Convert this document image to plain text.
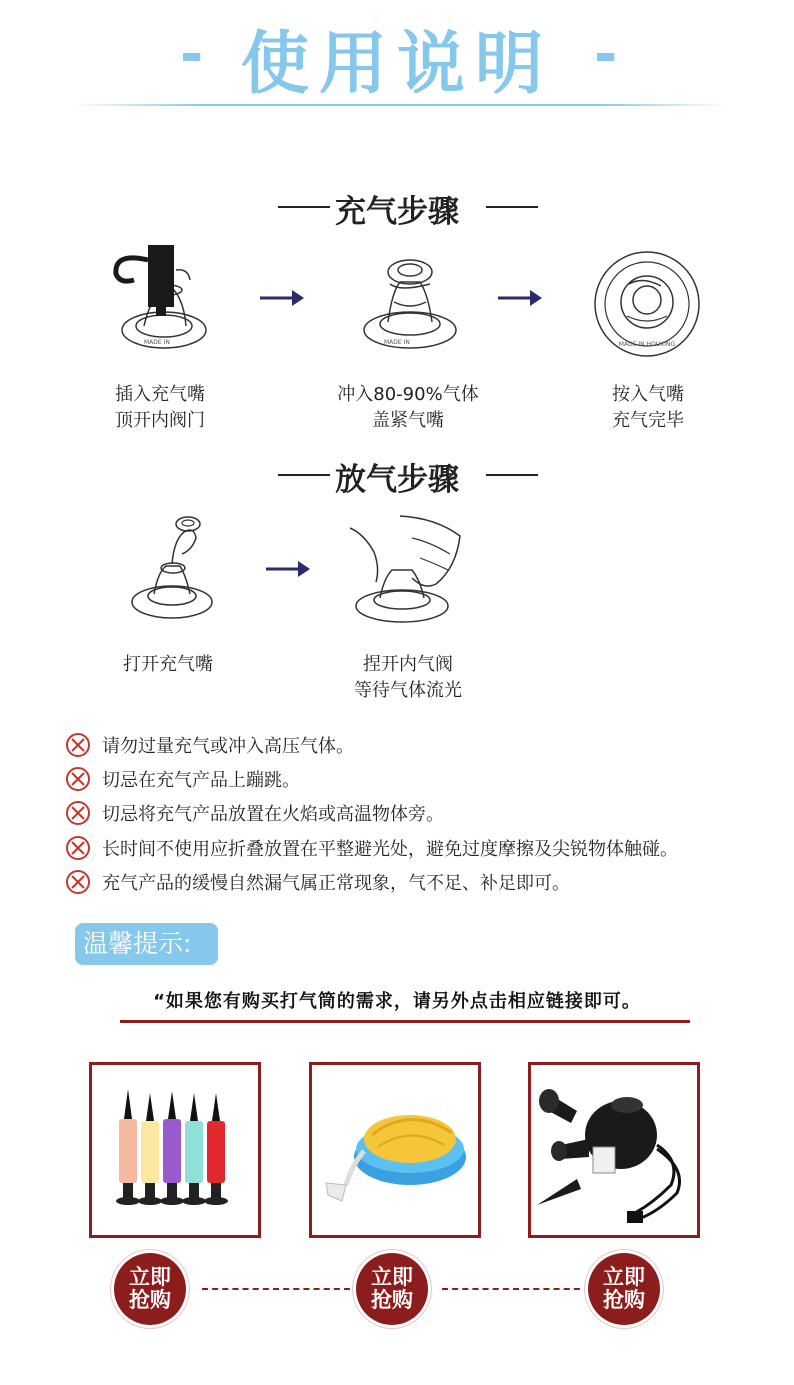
- 使用说明 -
充气步骤
MADE IN	MADE IN	MADE IN HOUXING
插入充气嘴
顶开内阀门
冲入80-90%气体
盖紧气嘴
按入气嘴
充气完毕
放气步骤
打开充气嘴	捏开内气阀
等待气体流光
请勿过量充气或冲入高压气体。
切忌在充气产品上蹦跳。
切忌将充气产品放置在火焰或高温物体旁。
长时间不使用应折叠放置在平整避光处，避免过度摩擦及尖锐物体触碰。
充气产品的缓慢自然漏气属正常现象，气不足、补足即可。
温馨提示:
“如果您有购买打气筒的需求，请另外点击相应链接即可。
立即
抢购
立即
抢购
立即
抢购
